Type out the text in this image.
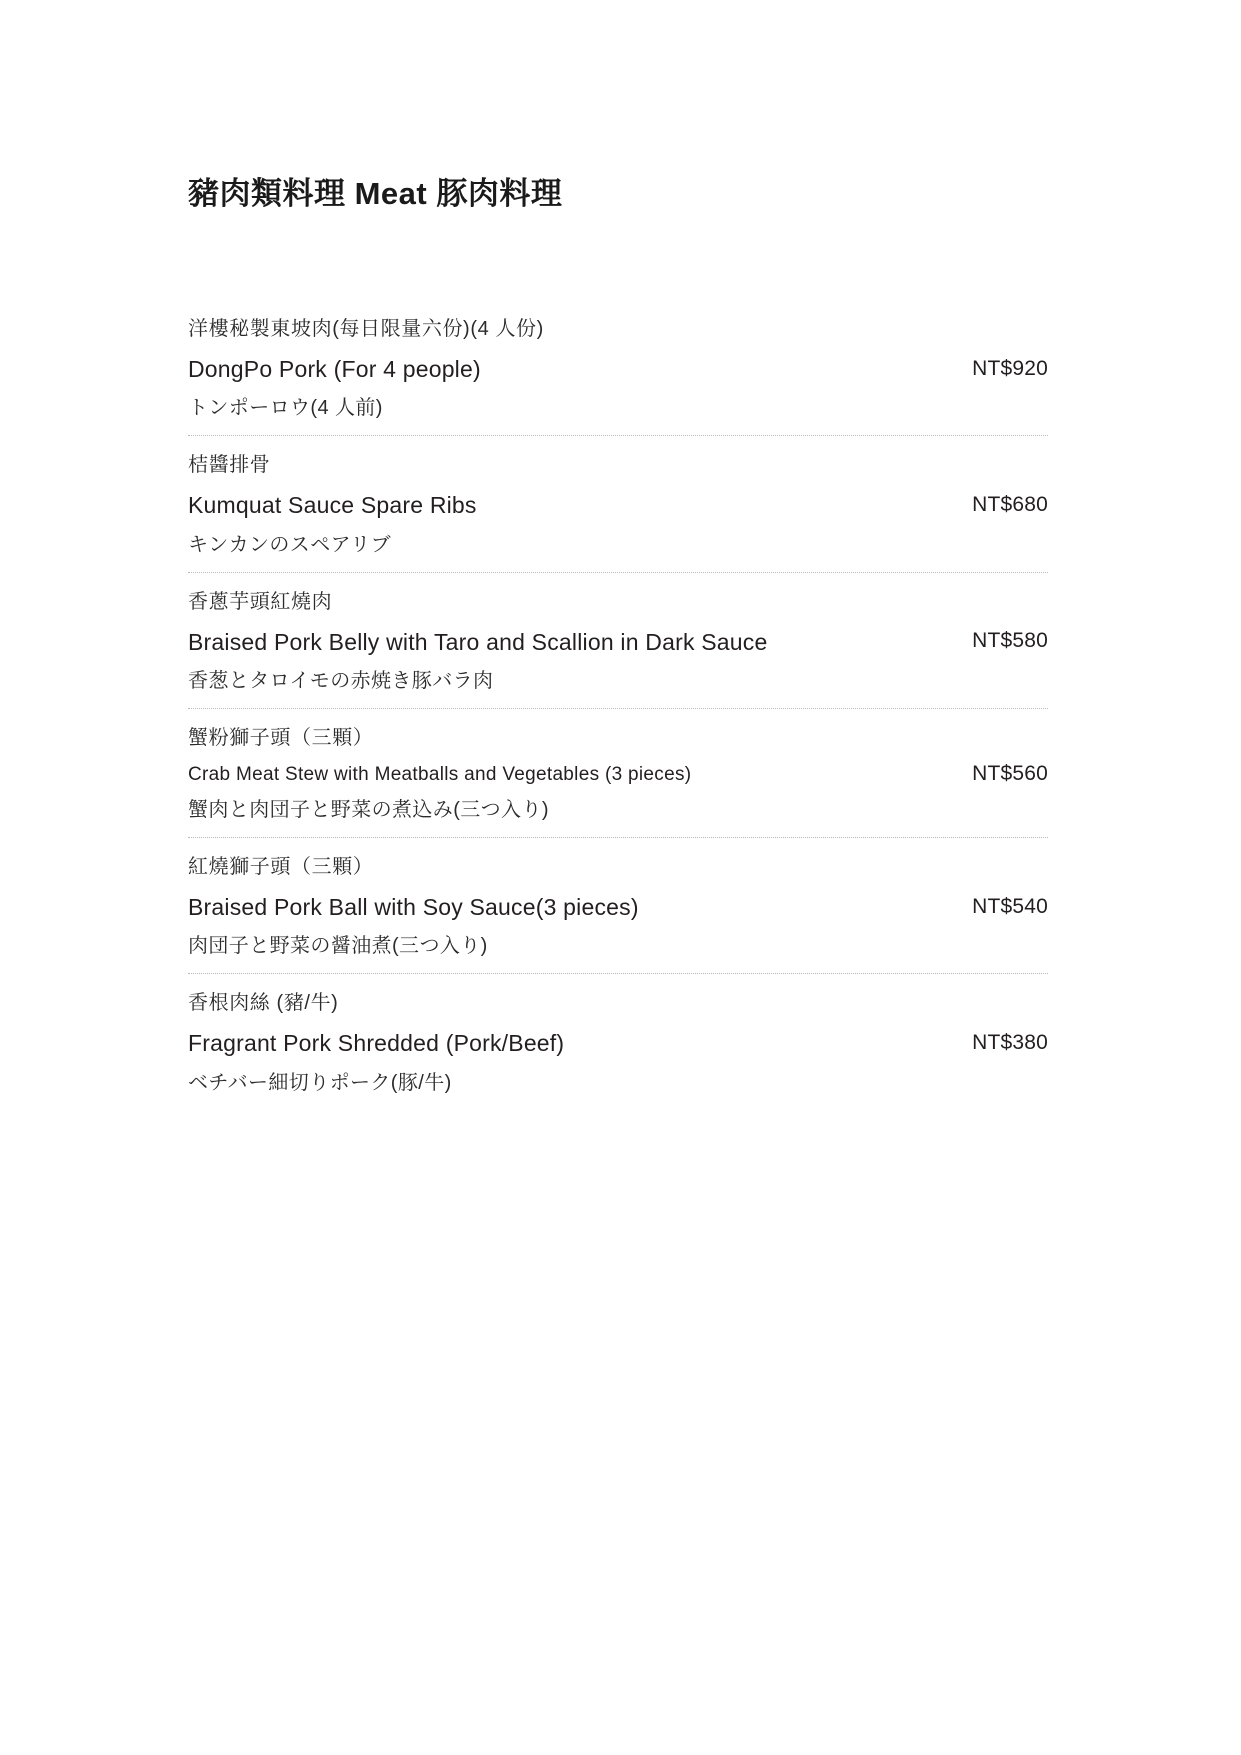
豬肉類料理 Meat 豚肉料理
洋樓秘製東坡肉(每日限量六份)(4 人份)
DongPo Pork (For 4 people)
トンポーロウ(4 人前)
NT$920
桔醬排骨
Kumquat Sauce Spare Ribs
キンカンのスペアリブ
NT$680
香蔥芋頭紅燒肉
Braised Pork Belly with Taro and Scallion in Dark Sauce
香葱とタロイモの赤焼き豚バラ肉
NT$580
蟹粉獅子頭（三顆）
Crab Meat Stew with Meatballs and Vegetables (3 pieces)
蟹肉と肉団子と野菜の煮込み(三つ入り)
NT$560
紅燒獅子頭（三顆）
Braised Pork Ball with Soy Sauce(3 pieces)
肉団子と野菜の醤油煮(三つ入り)
NT$540
香根肉絲 (豬/牛)
Fragrant Pork Shredded (Pork/Beef)
ベチバー細切りポーク(豚/牛)
NT$380
